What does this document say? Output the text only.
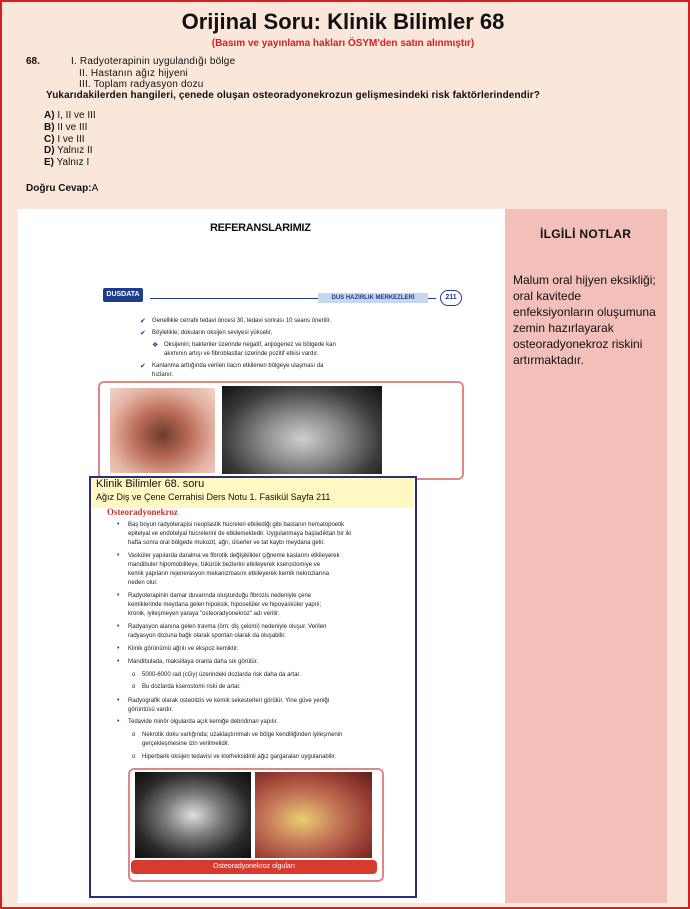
Orijinal Soru: Klinik Bilimler 68
(Basım ve yayınlama hakları ÖSYM'den satın alınmıştır)
68.	I. Radyoterapinin uygulandığı bölge
II. Hastanın ağız hijyeni
III. Toplam radyasyon dozu
Yukarıdakilerden hangileri, çenede oluşan osteoradyonekrozun gelişmesindeki risk faktörlerindendir?
A) I, II ve III
B) II ve III
C) I ve III
D) Yalnız II
E) Yalnız I
Doğru Cevap:A
REFERANSLARIMIZ	İLGİLİ NOTLAR
Malum oral hijyen eksikliği; oral kavitede enfeksiyonların oluşumuna zemin hazırlayarak osteoradyonekroz riskini artırmaktadır.
DUSDATA	DUS HAZIRLIK MERKEZLERİ	211
✔ Genellikle cerrahi tedavi öncesi 30, tedavi sonrası 10 seans önerilir.
✔ Böylelikle; dokuların oksijen seviyesi yükselir.
❖ Oksijenin; bakteriler üzerinde negatif, anjiogenez ve bölgede kan
akımının artışı ve fibroblastlar üzerinde pozitif etkisi vardır.
✔ Kanlanma arttığında verilen ilacın etkilenen bölgeye ulaşması da
hızlanır.
Klinik Bilimler 68. soru
Ağız Diş ve Çene Cerrahisi Ders Notu 1. Fasikül Sayfa 211
Osteoradyonekroz
• Baş boyun radyoterapisi neoplastik hücreleri etkilediği gibi bastanın hematopoetik
epitelyal ve endotelyal hücrelerini de etkilemektedir. Uygulanmaya başladıktan bir iki
hafta sonra oral bölgede mukozit, ağrı, ülserler ve tat kaybı meydana gelir.
• Vasküler yapılarda daralma ve fibrotik değişiklikler çiğneme kaslarını etkileyerek
mandibuler hipomobiliteye, tükürük bezlerini etkileyerek kserostomiye ve
kemik yapıların rejenerasyon mekanizmasını etkileyerek kemik nekrozlarına
neden olur.
• Radyoterapinin damar duvarında oluşturduğu fibrozis nedeniyle çene
kemiklerinde meydana gelen hipoksik, hiposelüler ve hipovasküler yapılı;
kronik, iyileşmeyen yaraya "osteoradyonekroz" adı verilir.
• Radyasyon alanına gelen travma (örn: diş çekimi) nedeniyle oluşur. Verilen
radyasyon dozuna bağlı olarak spontan olarak da oluşabilir.
• Klinik görünümü ağrılı ve ekspoz kemiktir.
• Mandibulada, maksillaya oranla daha sık görülür.
o 5000-6000 rad (cGy) üzerindeki dozlarda risk daha da artar.
o Bu dozlarda kserostomi riski de artar.
• Radyografik olarak osteolizis ve kemik sekesterleri görülür. Yine güve yeniği
görüntüsü vardır.
• Tedavide minör olgularda açık kemiğe debridman yapılır.
o Nekrotik doku varlığında; uzaklaştırılmalı ve bölge kendiliğinden iyileşmenin
gerçekleşmesine izin verilmelidir.
o Hiperbarik oksijen tedavisi ve klorheksidinli ağız gargaraları uygulanabilir.
Osteoradyonekroz olguları
